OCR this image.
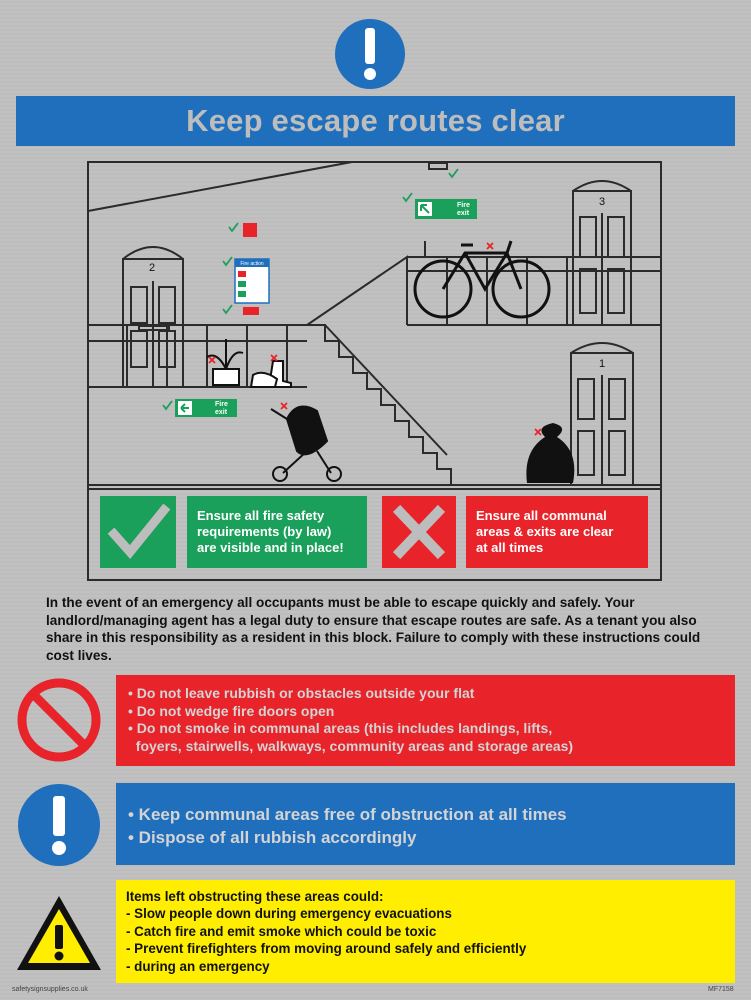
Keep escape routes clear
2
3
1
Fire
exit
Fire
exit
Fire action
Ensure all fire safety
requirements (by law)
are visible and in place!
Ensure all communal
areas & exits are clear
at all times
In the event of an emergency all occupants must be able to escape quickly and safely. Your landlord/managing agent has a legal duty to ensure that escape routes are safe. As a tenant you also share in this responsibility as a resident in this block. Failure to comply with these instructions could cost lives.
• Do not leave rubbish or obstacles outside your flat
• Do not wedge fire doors open
• Do not smoke in communal areas (this includes landings, lifts,
foyers, stairwells, walkways, community areas and storage areas)
• Keep communal areas free of obstruction at all times
• Dispose of all rubbish accordingly
Items left obstructing these areas could:
- Slow people down during emergency evacuations
- Catch fire and emit smoke which could be toxic
- Prevent firefighters from moving around safely and efficiently
- during an emergency
safetysignsupplies.co.uk	MF7158
